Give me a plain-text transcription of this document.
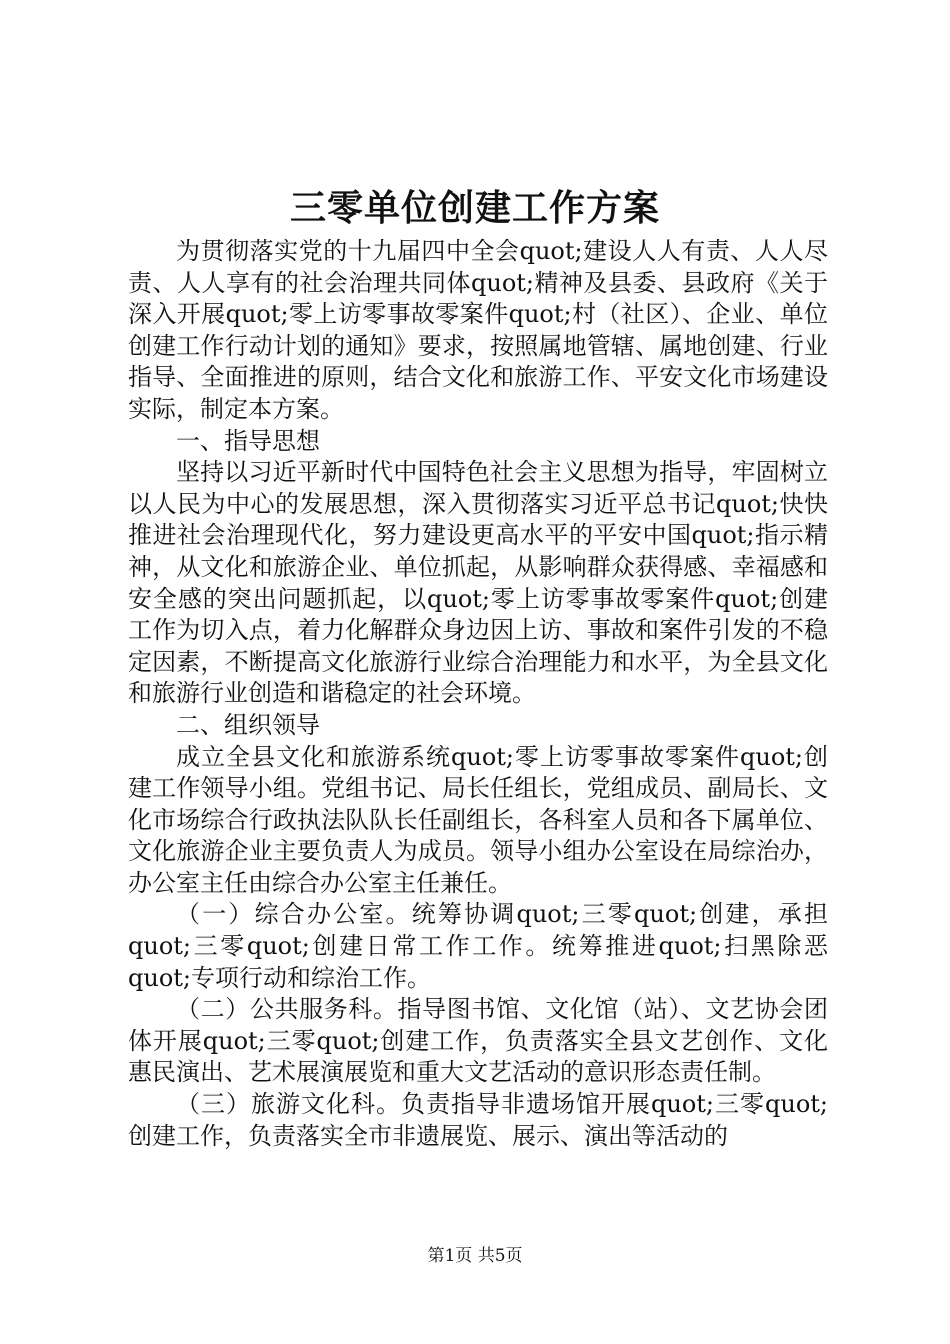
三零单位创建工作方案

为贯彻落实党的十九届四中全会quot;建设人人有责、人人尽责、人人享有的社会治理共同体quot;精神及县委、县政府《关于深入开展quot;零上访零事故零案件quot;村（社区）、企业、单位创建工作行动计划的通知》要求，按照属地管辖、属地创建、行业指导、全面推进的原则，结合文化和旅游工作、平安文化市场建设实际，制定本方案。

一、指导思想

坚持以习近平新时代中国特色社会主义思想为指导，牢固树立以人民为中心的发展思想，深入贯彻落实习近平总书记quot;快快推进社会治理现代化，努力建设更高水平的平安中国quot;指示精神，从文化和旅游企业、单位抓起，从影响群众获得感、幸福感和安全感的突出问题抓起，以quot;零上访零事故零案件quot;创建工作为切入点，着力化解群众身边因上访、事故和案件引发的不稳定因素，不断提高文化旅游行业综合治理能力和水平，为全县文化和旅游行业创造和谐稳定的社会环境。

二、组织领导

成立全县文化和旅游系统quot;零上访零事故零案件quot;创建工作领导小组。党组书记、局长任组长，党组成员、副局长、文化市场综合行政执法队队长任副组长，各科室人员和各下属单位、文化旅游企业主要负责人为成员。领导小组办公室设在局综治办，办公室主任由综合办公室主任兼任。

（一）综合办公室。统筹协调quot;三零quot;创建，承担quot;三零quot;创建日常工作工作。统筹推进quot;扫黑除恶quot;专项行动和综治工作。

（二）公共服务科。指导图书馆、文化馆（站）、文艺协会团体开展quot;三零quot;创建工作，负责落实全县文艺创作、文化惠民演出、艺术展演展览和重大文艺活动的意识形态责任制。

（三）旅游文化科。负责指导非遗场馆开展quot;三零quot;创建工作，负责落实全市非遗展览、展示、演出等活动的

第1页 共5页
